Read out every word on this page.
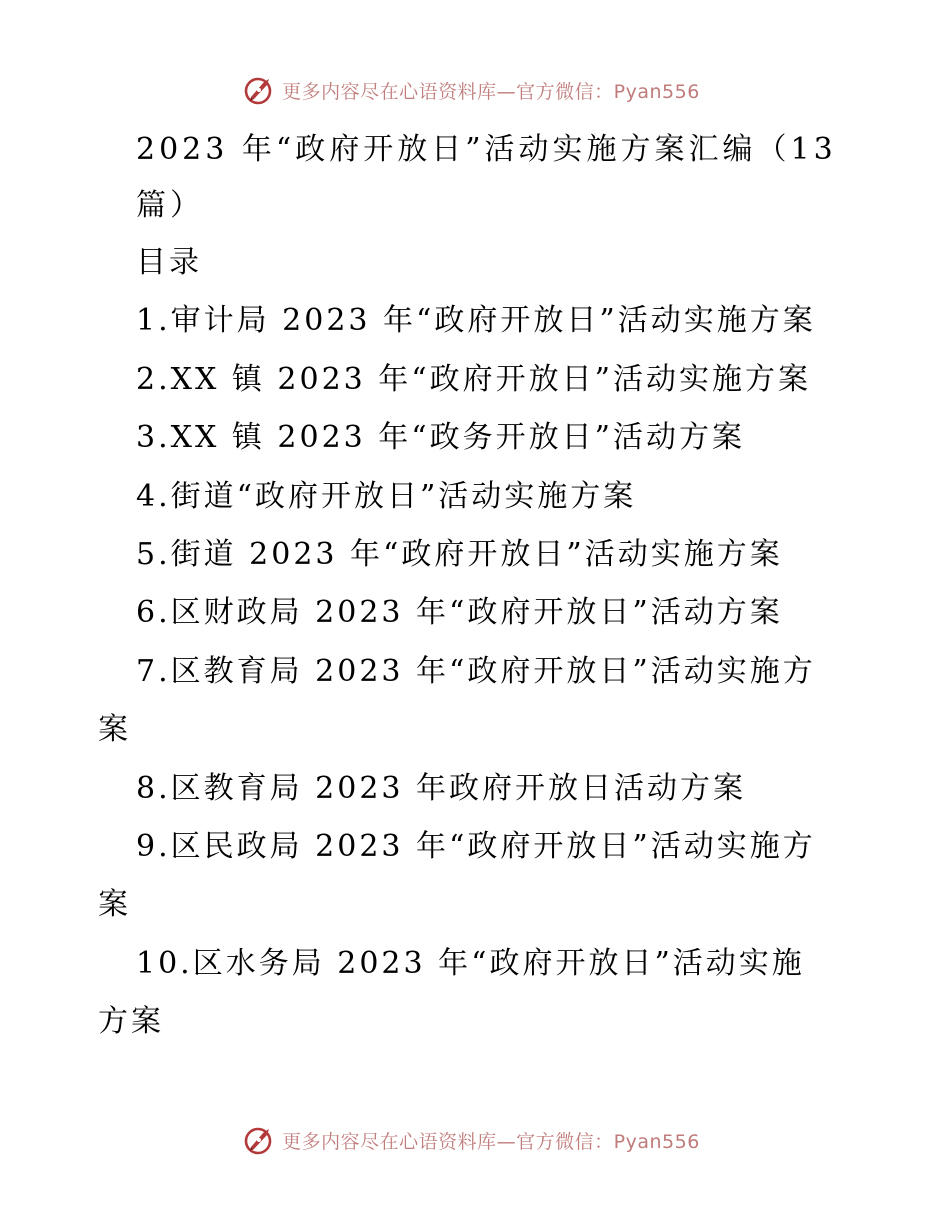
更多内容尽在心语资料库—官方微信：Pyan556

2023 年“政府开放日”活动实施方案汇编（13 篇）

目录

1.审计局 2023 年“政府开放日”活动实施方案

2.XX 镇 2023 年“政府开放日”活动实施方案

3.XX 镇 2023 年“政务开放日”活动方案

4.街道“政府开放日”活动实施方案

5.街道 2023 年“政府开放日”活动实施方案

6.区财政局 2023 年“政府开放日”活动方案

7.区教育局 2023 年“政府开放日”活动实施方

案

8.区教育局 2023 年政府开放日活动方案

9.区民政局 2023 年“政府开放日”活动实施方

案

10.区水务局 2023 年“政府开放日”活动实施

方案

更多内容尽在心语资料库—官方微信：Pyan556
